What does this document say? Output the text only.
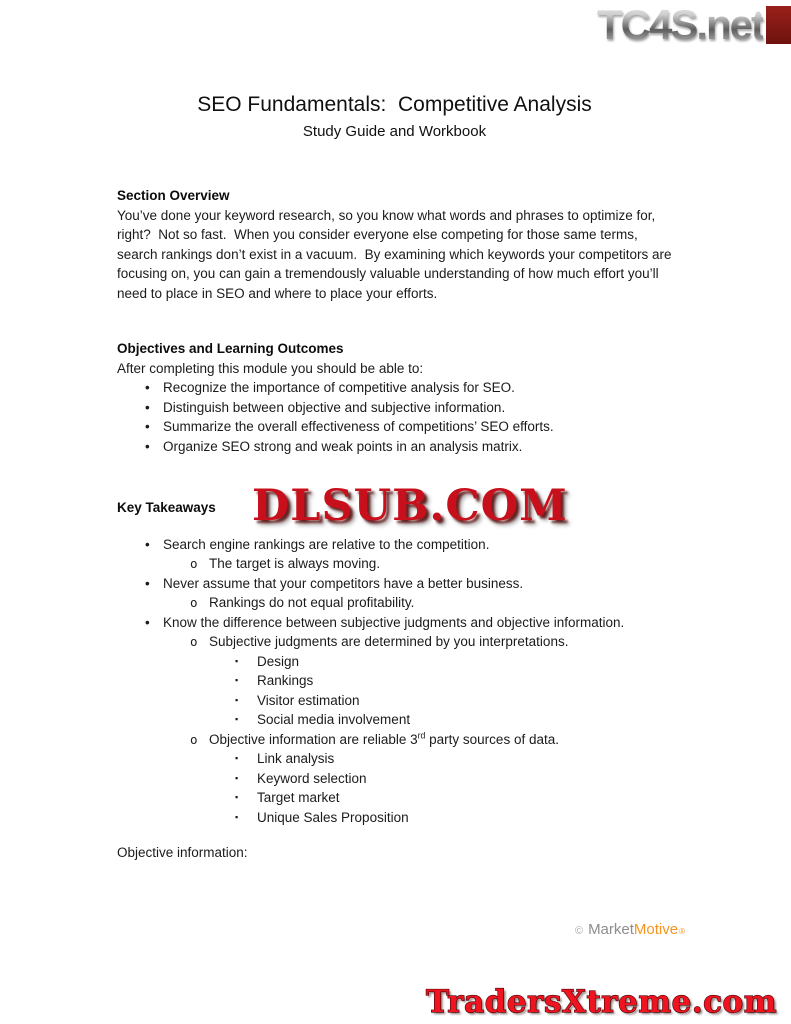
TC4S.net
DLSUB.COM
SEO Fundamentals:  Competitive Analysis
Study Guide and Workbook
Section Overview

You’ve done your keyword research, so you know what words and phrases to optimize for, right?  Not so fast.  When you consider everyone else competing for those same terms, search rankings don’t exist in a vacuum.  By examining which keywords your competitors are focusing on, you can gain a tremendously valuable understanding of how much effort you’ll need to place in SEO and where to place your efforts.

Objectives and Learning Outcomes
After completing this module you should be able to:
• Recognize the importance of competitive analysis for SEO.
• Distinguish between objective and subjective information.
• Summarize the overall effectiveness of competitions’ SEO efforts.
• Organize SEO strong and weak points in an analysis matrix.
Key Takeaways
• Search engine rankings are relative to the competition.
o The target is always moving.
• Never assume that your competitors have a better business.
o Rankings do not equal profitability.
• Know the difference between subjective judgments and objective information.
o Subjective judgments are determined by you interpretations.
▪	Design
▪	Rankings
▪	Visitor estimation
▪	Social media involvement
o Objective information are reliable 3rd party sources of data.
▪	Link analysis
▪	Keyword selection
▪	Target market
▪	Unique Sales Proposition
Objective information:
© Market Motive ®
TradersXtreme.com
